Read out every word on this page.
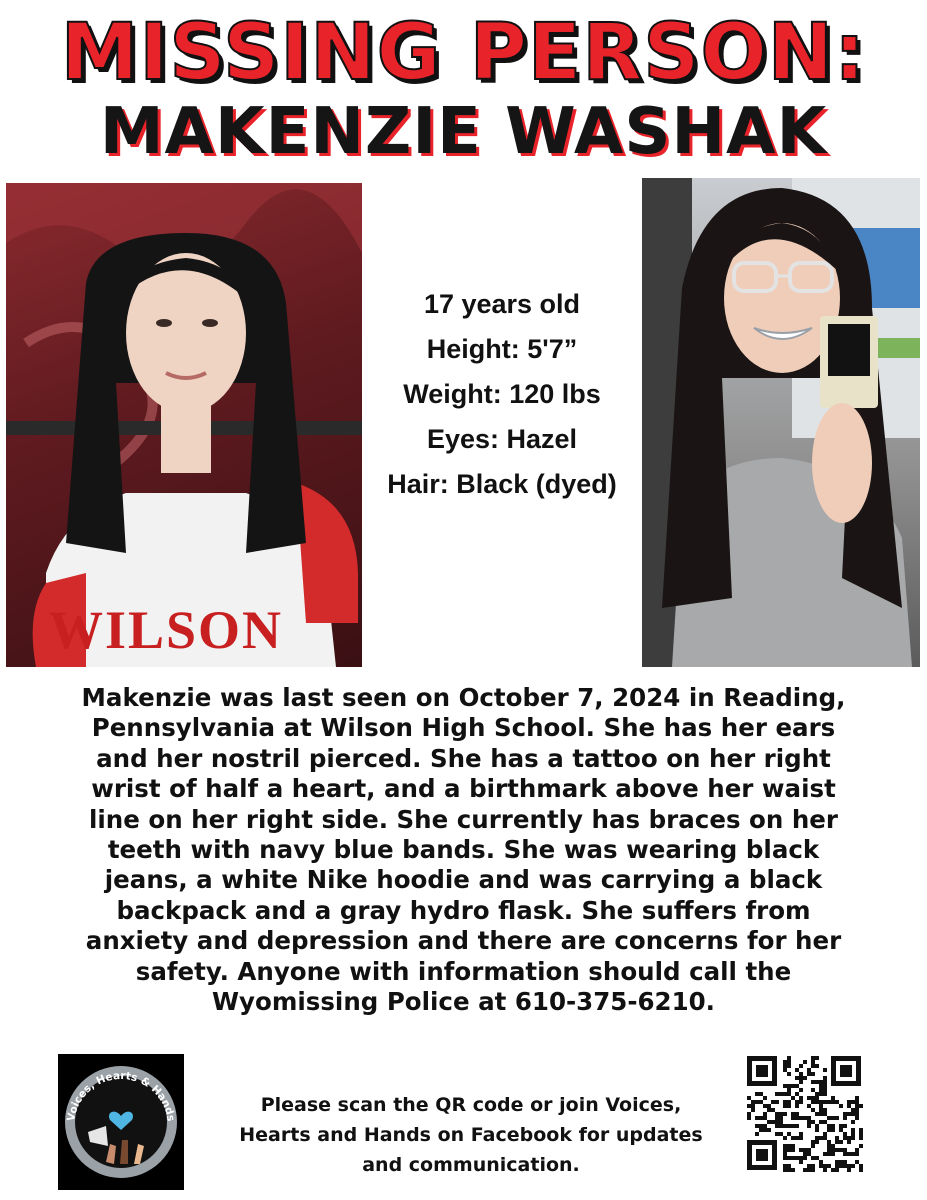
MISSING PERSON:
MAKENZIE WASHAK
WILSON
17 years old
Height: 5'7”
Weight: 120 lbs
Eyes: Hazel
Hair: Black (dyed)
Makenzie was last seen on October 7, 2024 in Reading,
Pennsylvania at Wilson High School. She has her ears
and her nostril pierced. She has a tattoo on her right
wrist of half a heart, and a birthmark above her waist
line on her right side. She currently has braces on her
teeth with navy blue bands. She was wearing black
jeans, a white Nike hoodie and was carrying a black
backpack and a gray hydro flask. She suffers from
anxiety and depression and there are concerns for her
safety. Anyone with information should call the
Wyomissing Police at 610-375-6210.
Voices, Hearts & Hands
Please scan the QR code or join Voices,
Hearts and Hands on Facebook for updates
and communication.
